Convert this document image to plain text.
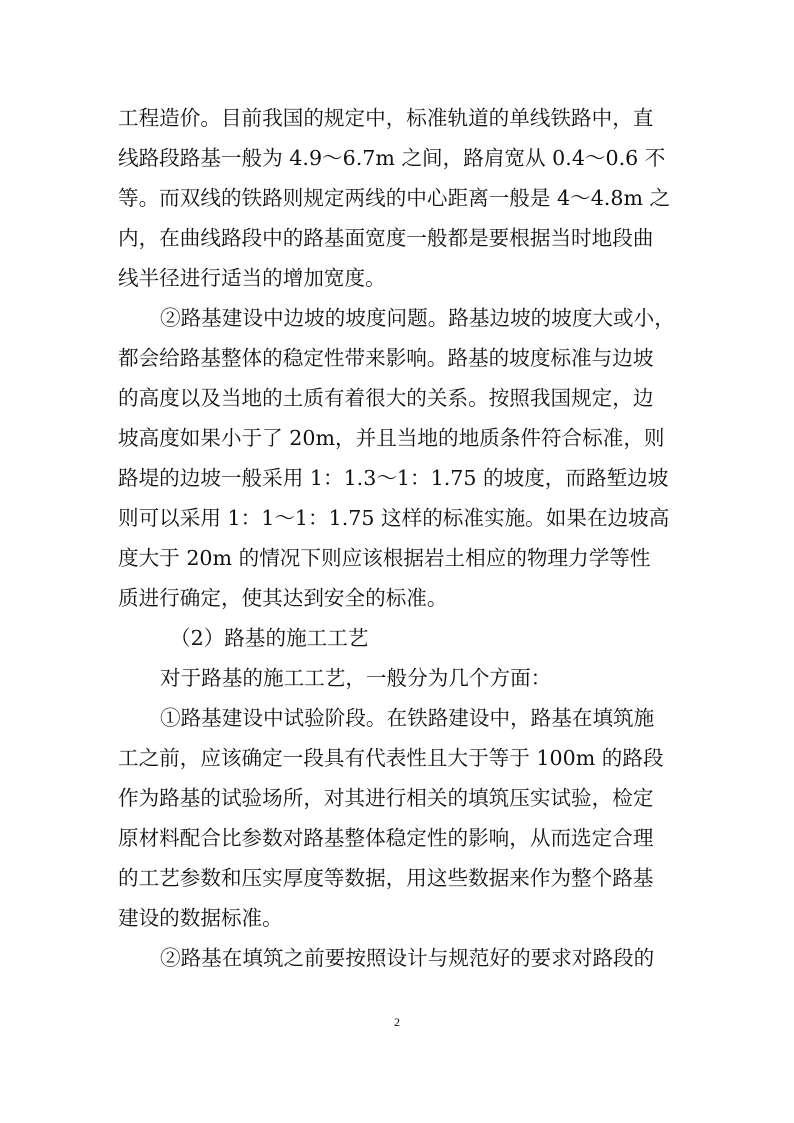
工程造价。目前我国的规定中，标准轨道的单线铁路中，直
线路段路基一般为 4.9～6.7m 之间，路肩宽从 0.4～0.6 不
等。而双线的铁路则规定两线的中心距离一般是 4～4.8m 之
内，在曲线路段中的路基面宽度一般都是要根据当时地段曲
线半径进行适当的增加宽度。
②路基建设中边坡的坡度问题。路基边坡的坡度大或小，
都会给路基整体的稳定性带来影响。路基的坡度标准与边坡
的高度以及当地的土质有着很大的关系。按照我国规定，边
坡高度如果小于了 20m，并且当地的地质条件符合标准，则
路堤的边坡一般采用 1：1.3～1：1.75 的坡度，而路堑边坡
则可以采用 1：1～1：1.75 这样的标准实施。如果在边坡高
度大于 20m 的情况下则应该根据岩土相应的物理力学等性
质进行确定，使其达到安全的标准。
（2）路基的施工工艺
对于路基的施工工艺，一般分为几个方面：
①路基建设中试验阶段。在铁路建设中，路基在填筑施
工之前，应该确定一段具有代表性且大于等于 100m 的路段
作为路基的试验场所，对其进行相关的填筑压实试验，检定
原材料配合比参数对路基整体稳定性的影响，从而选定合理
的工艺参数和压实厚度等数据，用这些数据来作为整个路基
建设的数据标准。
②路基在填筑之前要按照设计与规范好的要求对路段的
2
